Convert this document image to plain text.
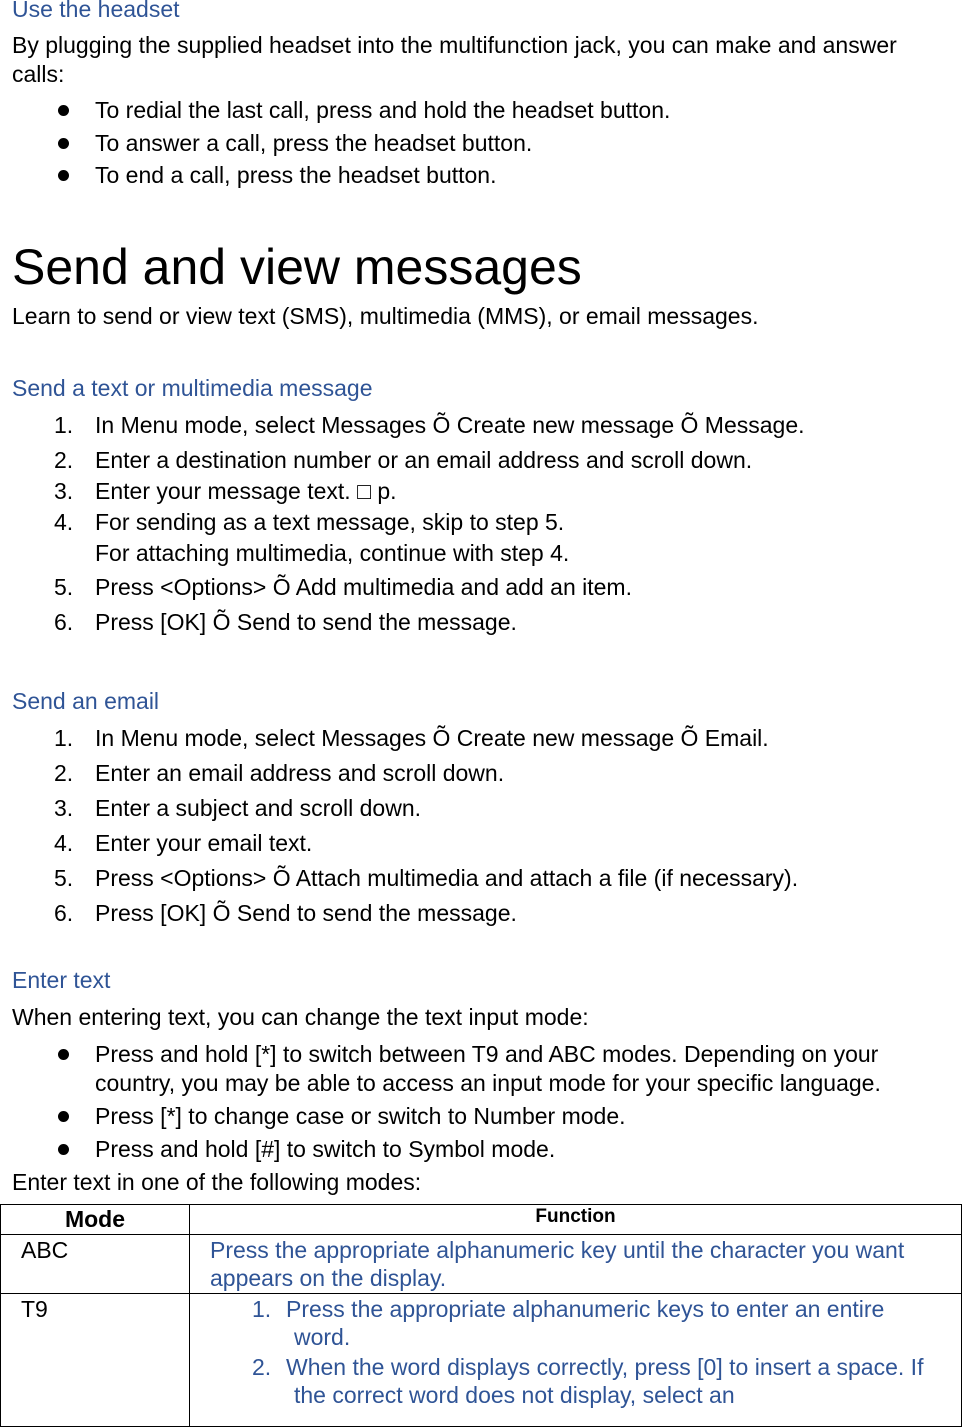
Use the headset

By plugging the supplied headset into the multifunction jack, you can make and answer calls:

To redial the last call, press and hold the headset button.
To answer a call, press the headset button.
To end a call, press the headset button.
Send and view messages

Learn to send or view text (SMS), multimedia (MMS), or email messages.

Send a text or multimedia message
1. In Menu mode, select Messages Õ Create new message Õ Message.
2. Enter a destination number or an email address and scroll down.
3. Enter your message text. □ p.
4. For sending as a text message, skip to step 5.
For attaching multimedia, continue with step 4.
5. Press <Options> Õ Add multimedia and add an item.
6. Press [OK] Õ Send to send the message.
Send an email
1. In Menu mode, select Messages Õ Create new message Õ Email.
2. Enter an email address and scroll down.
3. Enter a subject and scroll down.
4. Enter your email text.
5. Press <Options> Õ Attach multimedia and attach a file (if necessary).
6. Press [OK] Õ Send to send the message.
Enter text

When entering text, you can change the text input mode:

Press and hold [*] to switch between T9 and ABC modes. Depending on your country, you may be able to access an input mode for your specific language.
Press [*] to change case or switch to Number mode.
Press and hold [#] to switch to Symbol mode.

Enter text in one of the following modes:

Mode	Function
ABC	Press the appropriate alphanumeric key until the character you want appears on the display.
T9	1. Press the appropriate alphanumeric keys to enter an entire word.
2. When the word displays correctly, press [0] to insert a space. If the correct word does not display, select an
